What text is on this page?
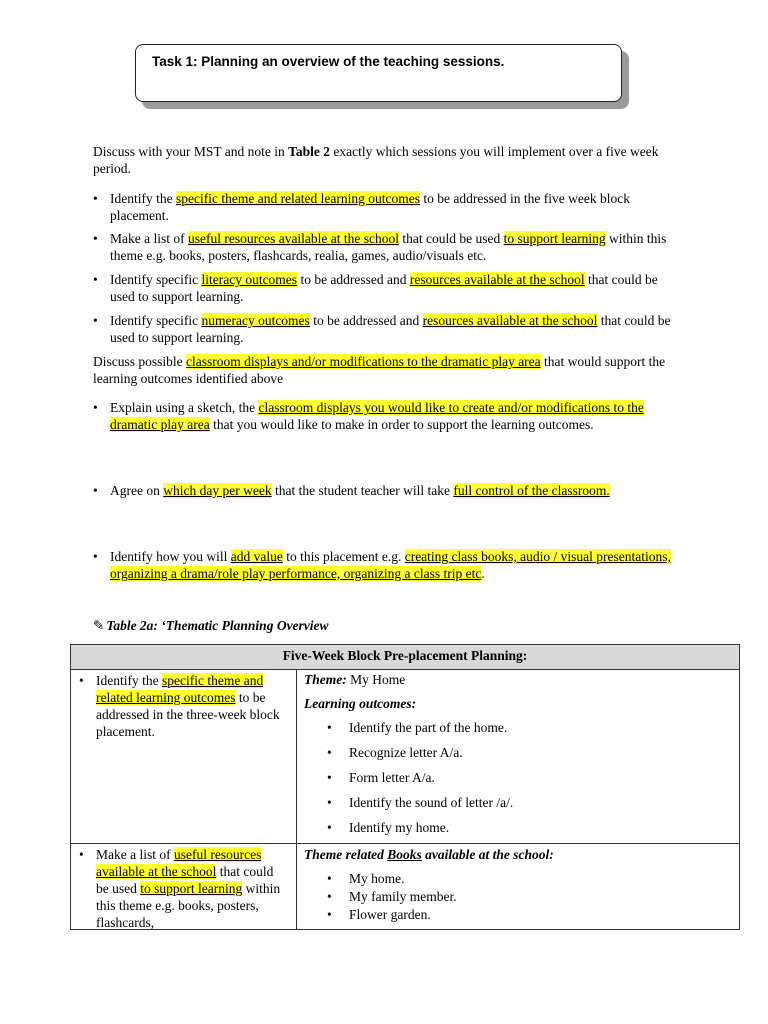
Task 1: Planning an overview of the teaching sessions.

Discuss with your MST and note in Table 2 exactly which sessions you will implement over a five week period.

• Identify the specific theme and related learning outcomes to be addressed in the five week block placement.
• Make a list of useful resources available at the school that could be used to support learning within this theme e.g. books, posters, flashcards, realia, games, audio/visuals etc.
• Identify specific literacy outcomes to be addressed and resources available at the school that could be used to support learning.
• Identify specific numeracy outcomes to be addressed and resources available at the school that could be used to support learning.

Discuss possible classroom displays and/or modifications to the dramatic play area that would support the learning outcomes identified above

• Explain using a sketch, the classroom displays you would like to create and/or modifications to the dramatic play area that you would like to make in order to support the learning outcomes.
• Agree on which day per week that the student teacher will take full control of the classroom.
• Identify how you will add value to this placement e.g. creating class books, audio / visual presentations, organizing a drama/role play performance, organizing a class trip etc.
✎ Table 2a: ‘Thematic Planning Overview
Five-Week Block Pre-placement Planning:
• Identify the specific theme and related learning outcomes to be addressed in the three-week block placement.
Theme: My Home
Learning outcomes:
• Identify the part of the home.
• Recognize letter A/a.
• Form letter A/a.
• Identify the sound of letter /a/.
• Identify my home.
• Make a list of useful resources available at the school that could be used to support learning within this theme e.g. books, posters, flashcards,
Theme related Books available at the school:
• My home.
• My family member.
• Flower garden.
